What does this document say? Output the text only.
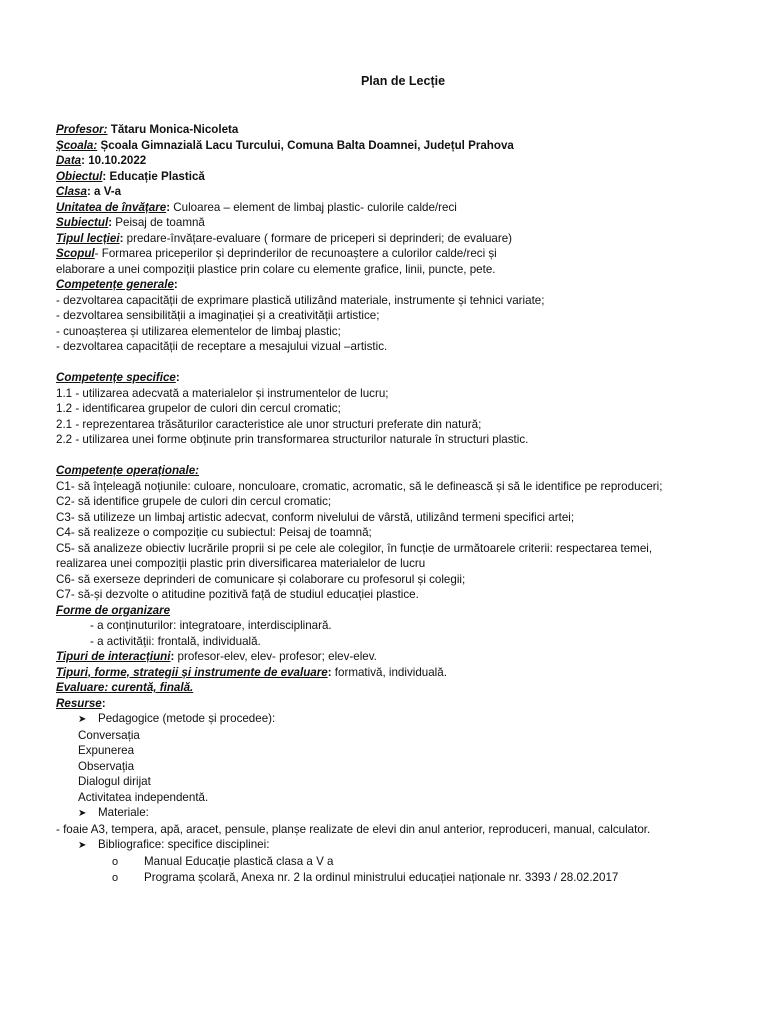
Plan de Lecție
Profesor: Tătaru Monica-Nicoleta
Școala: Școala Gimnazială Lacu Turcului, Comuna Balta Doamnei, Județul Prahova
Data: 10.10.2022
Obiectul: Educație Plastică
Clasa: a V-a
Unitatea de învățare: Culoarea – element de limbaj plastic- culorile calde/reci
Subiectul: Peisaj de toamnă
Tipul lecției: predare-învățare-evaluare ( formare de priceperi si deprinderi; de evaluare)
Scopul- Formarea priceperilor și deprinderilor de recunoaștere a culorilor calde/reci și
elaborare a unei compoziții plastice prin colare cu elemente grafice, linii, puncte, pete.
Competențe generale:
- dezvoltarea capacității de exprimare plastică utilizând materiale, instrumente și tehnici variate;
- dezvoltarea sensibilității a imaginației și a creativității artistice;
- cunoașterea și utilizarea elementelor de limbaj plastic;
- dezvoltarea capacității de receptare a mesajului vizual –artistic.
Competențe specifice:
1.1 - utilizarea adecvată a materialelor și instrumentelor de lucru;
1.2 - identificarea grupelor de culori din cercul cromatic;
2.1 - reprezentarea trăsăturilor caracteristice ale unor structuri preferate din natură;
2.2 - utilizarea unei forme obținute prin transformarea structurilor naturale în structuri plastic.
Competențe operaționale:
C1- să înțeleagă noțiunile: culoare, nonculoare, cromatic, acromatic, să le definească și să le identifice pe reproduceri;
C2- să identifice grupele de culori din cercul cromatic;
C3- să utilizeze un limbaj artistic adecvat, conform nivelului de vârstă, utilizând termeni specifici artei;
C4- să realizeze o compoziție cu subiectul: Peisaj de toamnă;
C5- să analizeze obiectiv lucrările proprii si pe cele ale colegilor, în funcție de următoarele criterii: respectarea temei,
realizarea unei compoziții plastic prin diversificarea materialelor de lucru
C6- să exerseze deprinderi de comunicare și colaborare cu profesorul și colegii;
C7- să-și dezvolte o atitudine pozitivă față de studiul educației plastice.
Forme de organizare
- a conținuturilor: integratoare, interdisciplinară.
- a activității: frontală, individuală.
Tipuri de interacțiuni: profesor-elev, elev- profesor; elev-elev.
Tipuri, forme, strategii și instrumente de evaluare: formativă, individuală.
Evaluare: curentă, finală.
Resurse:
➤ Pedagogice (metode și procedee):
Conversația
Expunerea
Observația
Dialogul dirijat
Activitatea independentă.
➤ Materiale:
- foaie A3, tempera, apă, aracet, pensule, planșe realizate de elevi din anul anterior, reproduceri, manual, calculator.
➤ Bibliografice: specifice disciplinei:
o Manual Educație plastică clasa a V a
o Programa școlară, Anexa nr. 2 la ordinul ministrului educației naționale nr. 3393 / 28.02.2017
